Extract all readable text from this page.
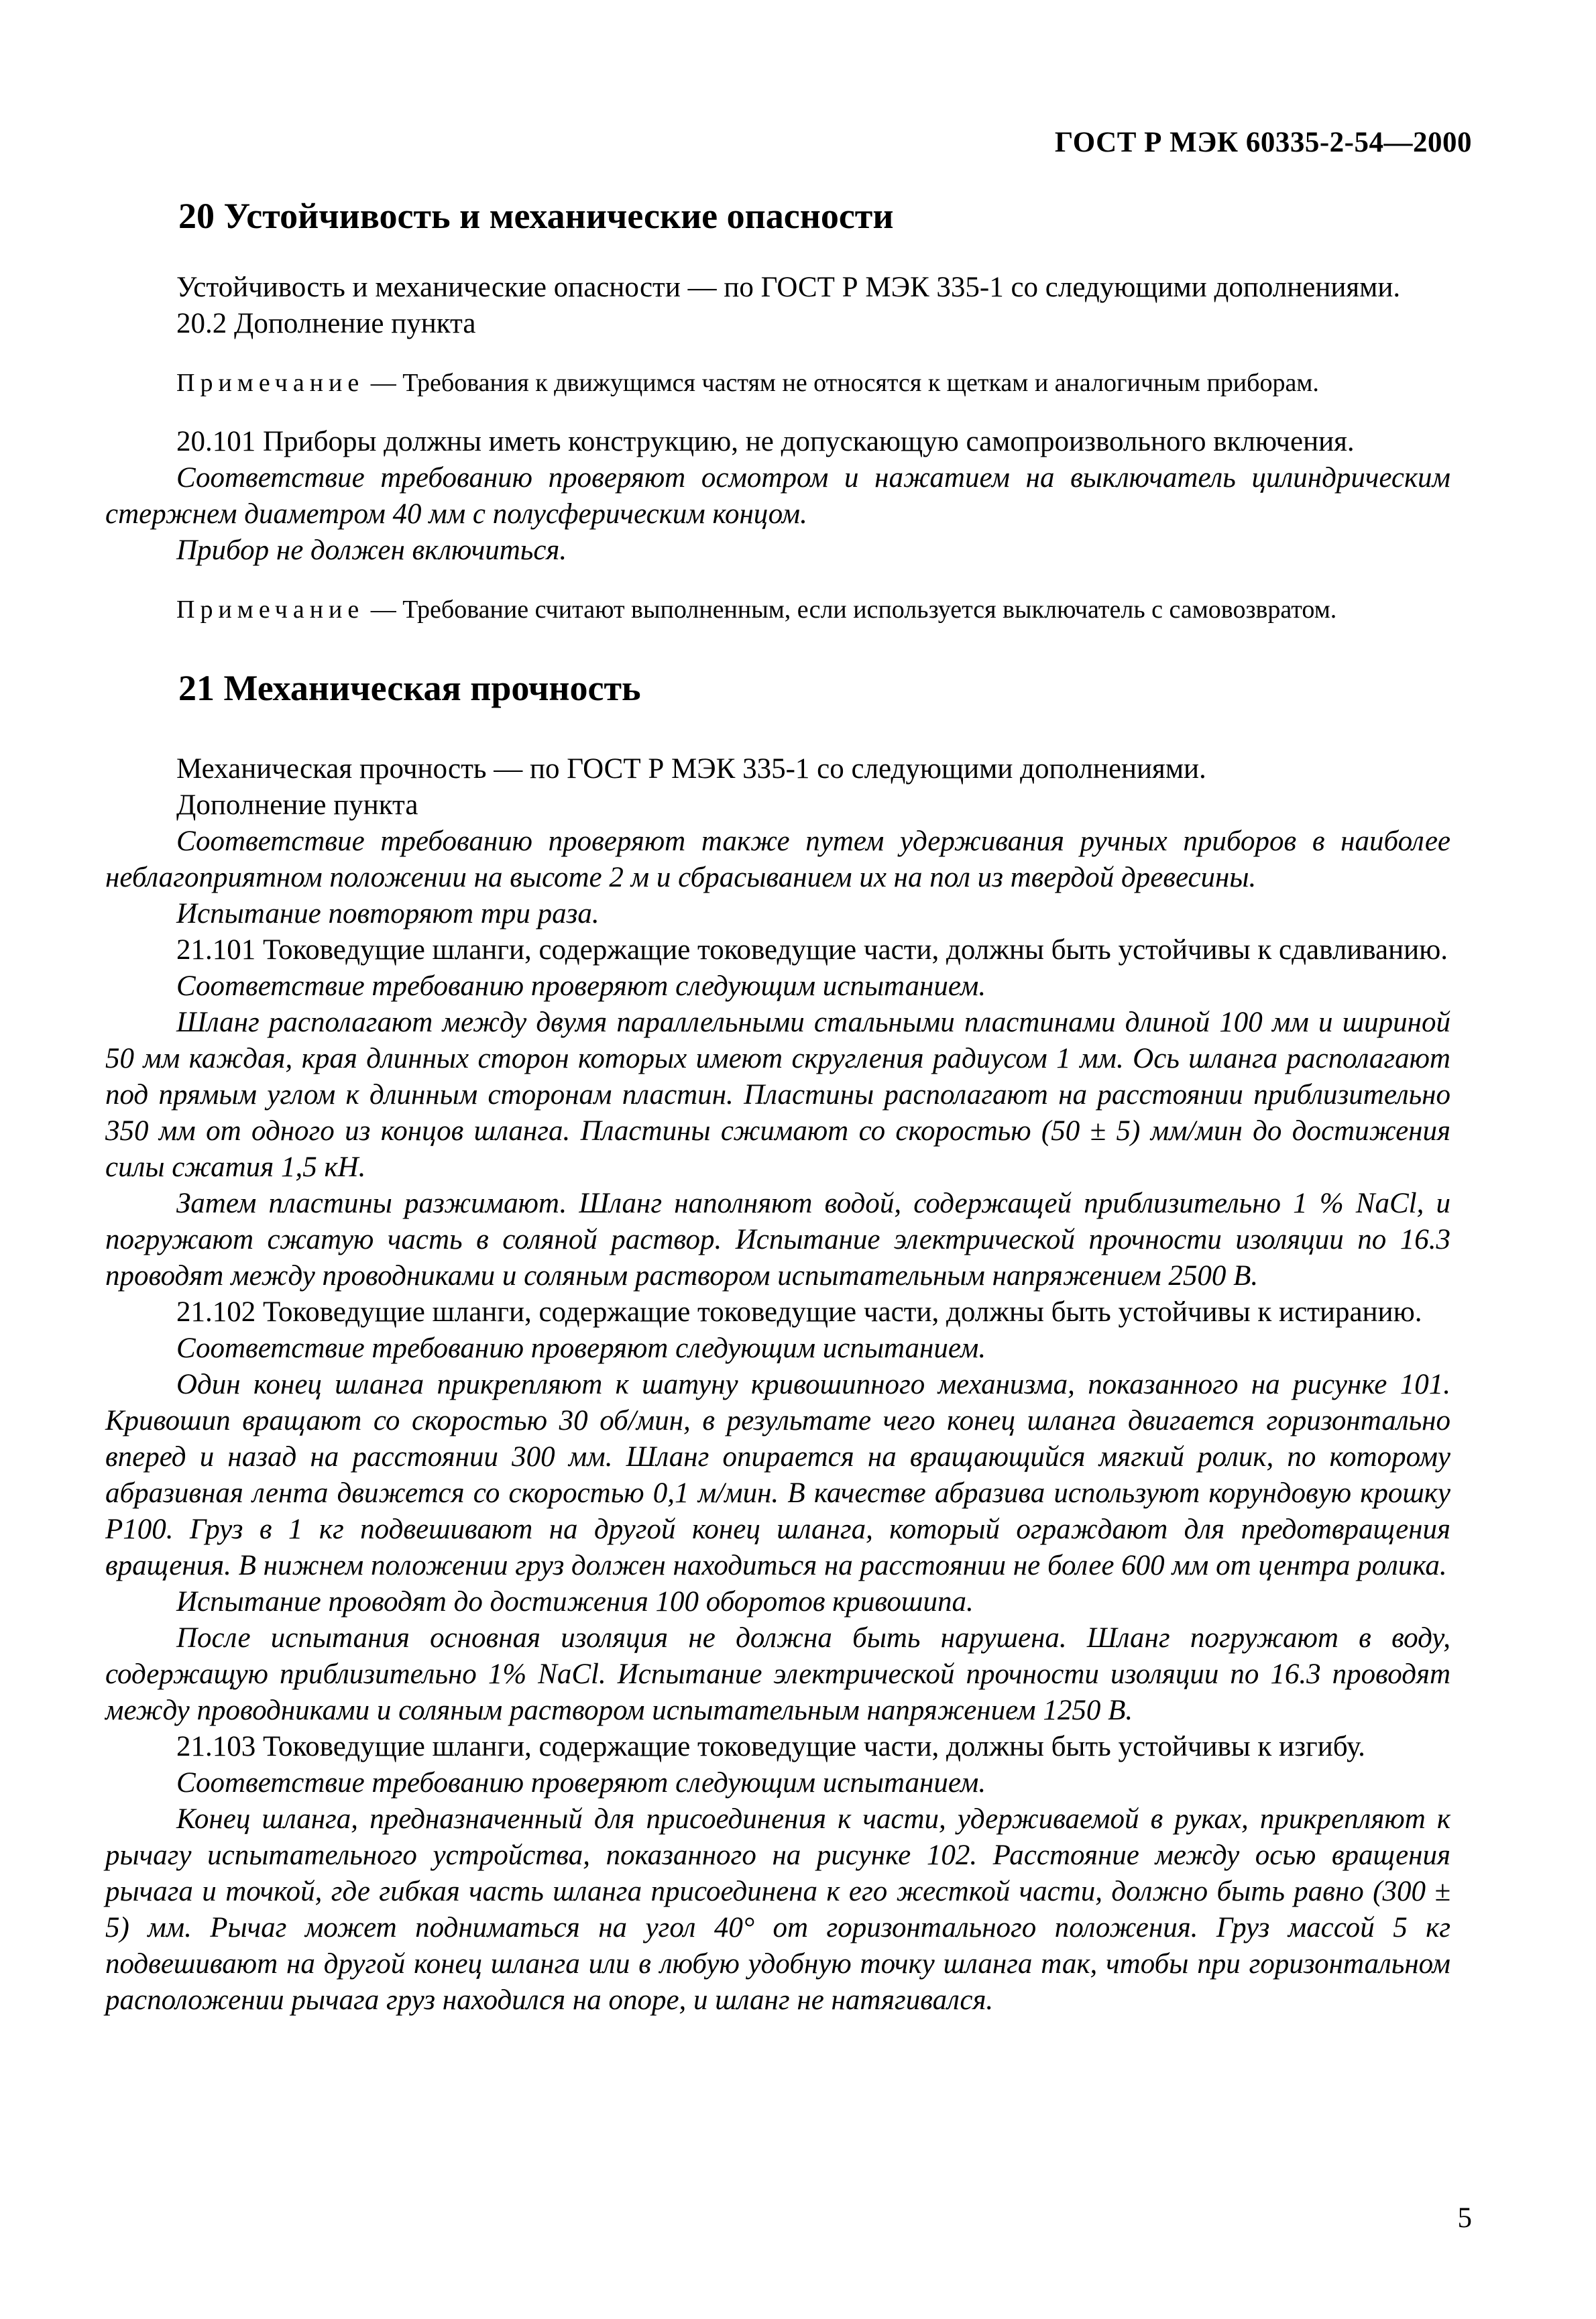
ГОСТ Р МЭК 60335-2-54—2000
20 Устойчивость и механические опасности

Устойчивость и механические опасности — по ГОСТ Р МЭК 335-1 со следующими дополнениями.

20.2 Дополнение пункта

Примечание — Требования к движущимся частям не относятся к щеткам и аналогичным приборам.

20.101 Приборы должны иметь конструкцию, не допускающую самопроизвольного включения.

Соответствие требованию проверяют осмотром и нажатием на выключатель цилиндрическим стержнем диаметром 40 мм с полусферическим концом.

Прибор не должен включиться.

Примечание — Требование считают выполненным, если используется выключатель с самовозвратом.

21 Механическая прочность

Механическая прочность — по ГОСТ Р МЭК 335-1 со следующими дополнениями.

Дополнение пункта

Соответствие требованию проверяют также путем удерживания ручных приборов в наиболее неблагоприятном положении на высоте 2 м и сбрасыванием их на пол из твердой древесины.

Испытание повторяют три раза.

21.101 Токоведущие шланги, содержащие токоведущие части, должны быть устойчивы к сдавливанию.

Соответствие требованию проверяют следующим испытанием.

Шланг располагают между двумя параллельными стальными пластинами длиной 100 мм и шириной 50 мм каждая, края длинных сторон которых имеют скругления радиусом 1 мм. Ось шланга располагают под прямым углом к длинным сторонам пластин. Пластины располагают на расстоянии приблизительно 350 мм от одного из концов шланга. Пластины сжимают со скоростью (50 ± 5) мм/мин до достижения силы сжатия 1,5 кН.

Затем пластины разжимают. Шланг наполняют водой, содержащей приблизительно 1 % NaCl, и погружают сжатую часть в соляной раствор. Испытание электрической прочности изоляции по 16.3 проводят между проводниками и соляным раствором испытательным напряжением 2500 В.

21.102 Токоведущие шланги, содержащие токоведущие части, должны быть устойчивы к истиранию.

Соответствие требованию проверяют следующим испытанием.

Один конец шланга прикрепляют к шатуну кривошипного механизма, показанного на рисунке 101. Кривошип вращают со скоростью 30 об/мин, в результате чего конец шланга двигается горизонтально вперед и назад на расстоянии 300 мм. Шланг опирается на вращающийся мягкий ролик, по которому абразивная лента движется со скоростью 0,1 м/мин. В качестве абразива используют корундовую крошку Р100. Груз в 1 кг подвешивают на другой конец шланга, который ограждают для предотвращения вращения. В нижнем положении груз должен находиться на расстоянии не более 600 мм от центра ролика.

Испытание проводят до достижения 100 оборотов кривошипа.

После испытания основная изоляция не должна быть нарушена. Шланг погружают в воду, содержащую приблизительно 1% NaCl. Испытание электрической прочности изоляции по 16.3 проводят между проводниками и соляным раствором испытательным напряжением 1250 В.

21.103 Токоведущие шланги, содержащие токоведущие части, должны быть устойчивы к изгибу.

Соответствие требованию проверяют следующим испытанием.

Конец шланга, предназначенный для присоединения к части, удерживаемой в руках, прикрепляют к рычагу испытательного устройства, показанного на рисунке 102. Расстояние между осью вращения рычага и точкой, где гибкая часть шланга присоединена к его жесткой части, должно быть равно (300 ± 5) мм. Рычаг может подниматься на угол 40° от горизонтального положения. Груз массой 5 кг подвешивают на другой конец шланга или в любую удобную точку шланга так, чтобы при горизонтальном расположении рычага груз находился на опоре, и шланг не натягивался.

5
